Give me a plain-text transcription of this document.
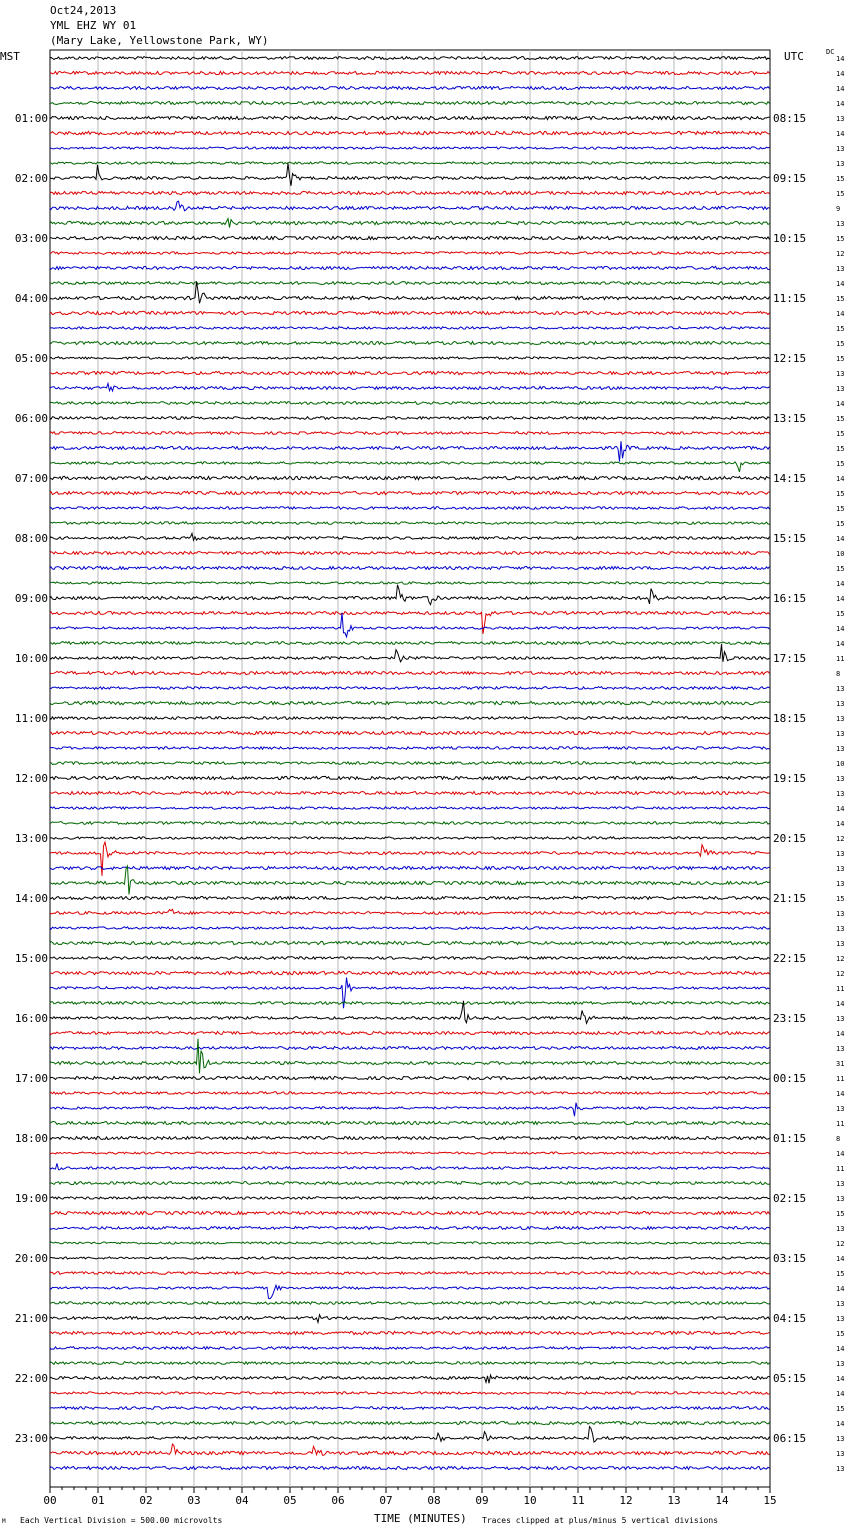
Oct24,2013
YML EHZ WY 01
(Mary Lake, Yellowstone Park, WY)
MST	UTC	DC
00	01	02	03	04	05	06	07	08	09	10	11	12	13	14	15
14
14
14
14
13
14
13
13
15
15
9
13
15
12
13
14
15
14
15
15
15
13
13
14
15
15
15
15
14
15
15
15
14
10
15
14
14
15
14
14
11
8
13
13
13
13
13
10
13
13
14
14
12
13
13
13
15
13
13
13
12
12
11
14
13
14
13
31
11
14
13
11
8
14
11
13
13
15
13
12
14
15
14
13
13
15
14
13
14
14
15
14
13
13
13
01:00
02:00
03:00
04:00
05:00
06:00
07:00
08:00
09:00
10:00
11:00
12:00
13:00
14:00
15:00
16:00
17:00
18:00
19:00
20:00
21:00
22:00
23:00
08:15
09:15
10:15
11:15
12:15
13:15
14:15
15:15
16:15
17:15
18:15
19:15
20:15
21:15
22:15
23:15
00:15
01:15
02:15
03:15
04:15
05:15
06:15
TIME (MINUTES)
M Each Vertical Division = 500.00 microvolts	Traces clipped at plus/minus 5 vertical divisions
